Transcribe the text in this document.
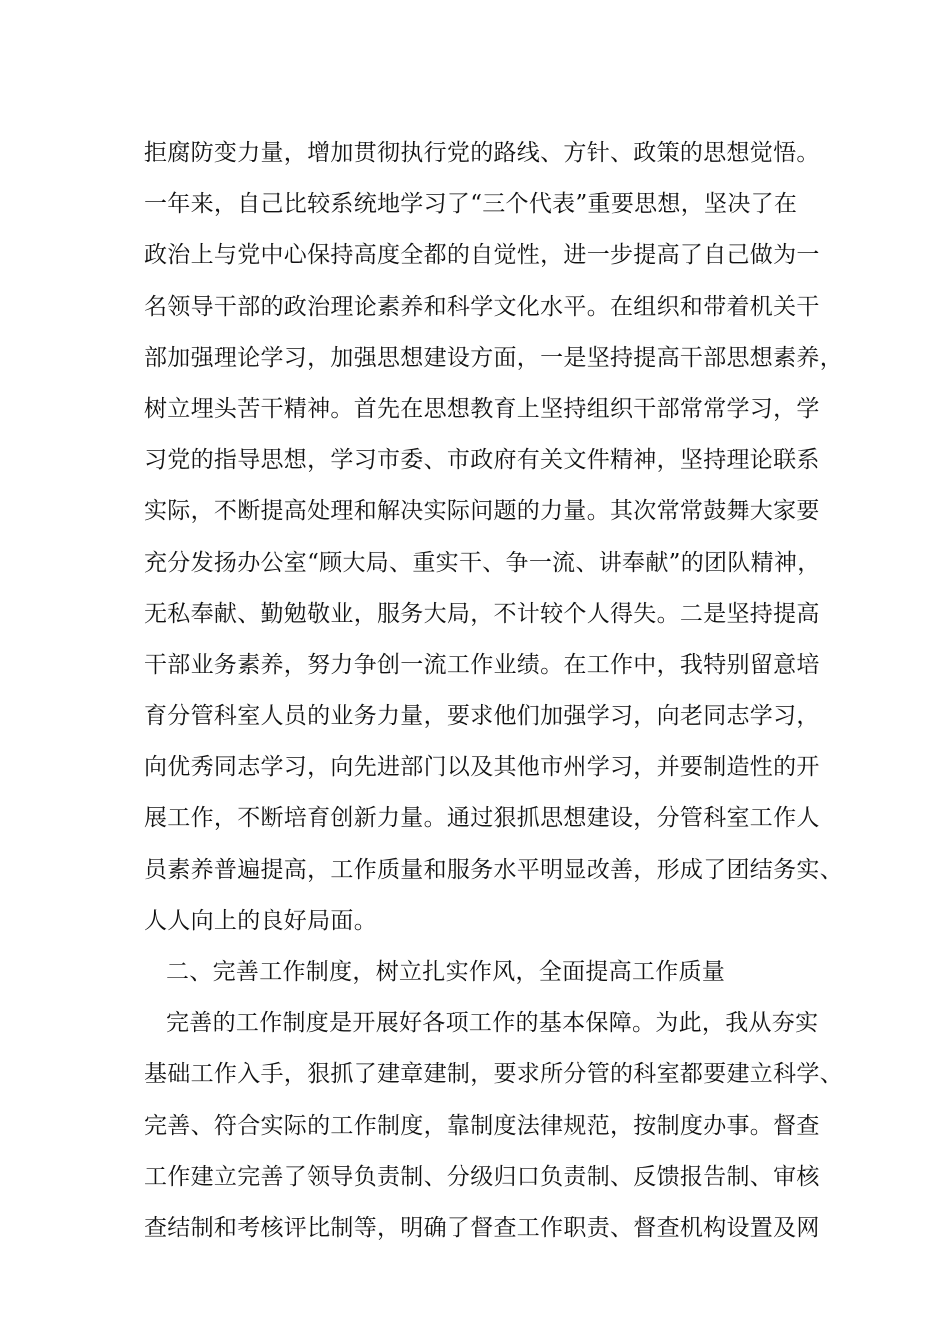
拒腐防变力量，增加贯彻执行党的路线、方针、政策的思想觉悟。
一年来，自己比较系统地学习了“三个代表”重要思想，坚决了在
政治上与党中心保持高度全都的自觉性，进一步提高了自己做为一
名领导干部的政治理论素养和科学文化水平。在组织和带着机关干
部加强理论学习，加强思想建设方面，一是坚持提高干部思想素养，
树立埋头苦干精神。首先在思想教育上坚持组织干部常常学习，学
习党的指导思想，学习市委、市政府有关文件精神，坚持理论联系
实际，不断提高处理和解决实际问题的力量。其次常常鼓舞大家要
充分发扬办公室“顾大局、重实干、争一流、讲奉献”的团队精神，
无私奉献、勤勉敬业，服务大局，不计较个人得失。二是坚持提高
干部业务素养，努力争创一流工作业绩。在工作中，我特别留意培
育分管科室人员的业务力量，要求他们加强学习，向老同志学习，
向优秀同志学习，向先进部门以及其他市州学习，并要制造性的开
展工作，不断培育创新力量。通过狠抓思想建设，分管科室工作人
员素养普遍提高，工作质量和服务水平明显改善，形成了团结务实、
人人向上的良好局面。
二、完善工作制度，树立扎实作风，全面提高工作质量
完善的工作制度是开展好各项工作的基本保障。为此，我从夯实
基础工作入手，狠抓了建章建制，要求所分管的科室都要建立科学、
完善、符合实际的工作制度，靠制度法律规范，按制度办事。督查
工作建立完善了领导负责制、分级归口负责制、反馈报告制、审核
查结制和考核评比制等，明确了督查工作职责、督查机构设置及网
